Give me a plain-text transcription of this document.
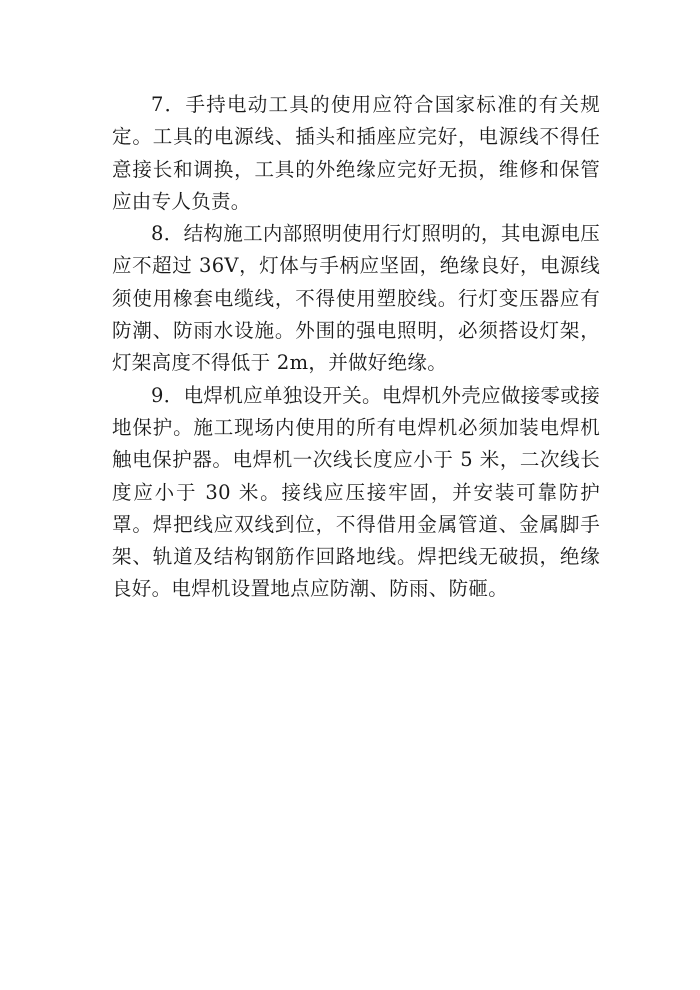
7．手持电动工具的使用应符合国家标准的有关规定。工具的电源线、插头和插座应完好，电源线不得任意接长和调换，工具的外绝缘应完好无损，维修和保管应由专人负责。

8．结构施工内部照明使用行灯照明的，其电源电压应不超过 36V，灯体与手柄应坚固，绝缘良好，电源线须使用橡套电缆线，不得使用塑胶线。行灯变压器应有防潮、防雨水设施。外围的强电照明，必须搭设灯架，灯架高度不得低于 2m，并做好绝缘。

9．电焊机应单独设开关。电焊机外壳应做接零或接地保护。施工现场内使用的所有电焊机必须加装电焊机触电保护器。电焊机一次线长度应小于 5 米，二次线长度应小于 30 米。接线应压接牢固，并安装可靠防护罩。焊把线应双线到位，不得借用金属管道、金属脚手架、轨道及结构钢筋作回路地线。焊把线无破损，绝缘良好。电焊机设置地点应防潮、防雨、防砸。
